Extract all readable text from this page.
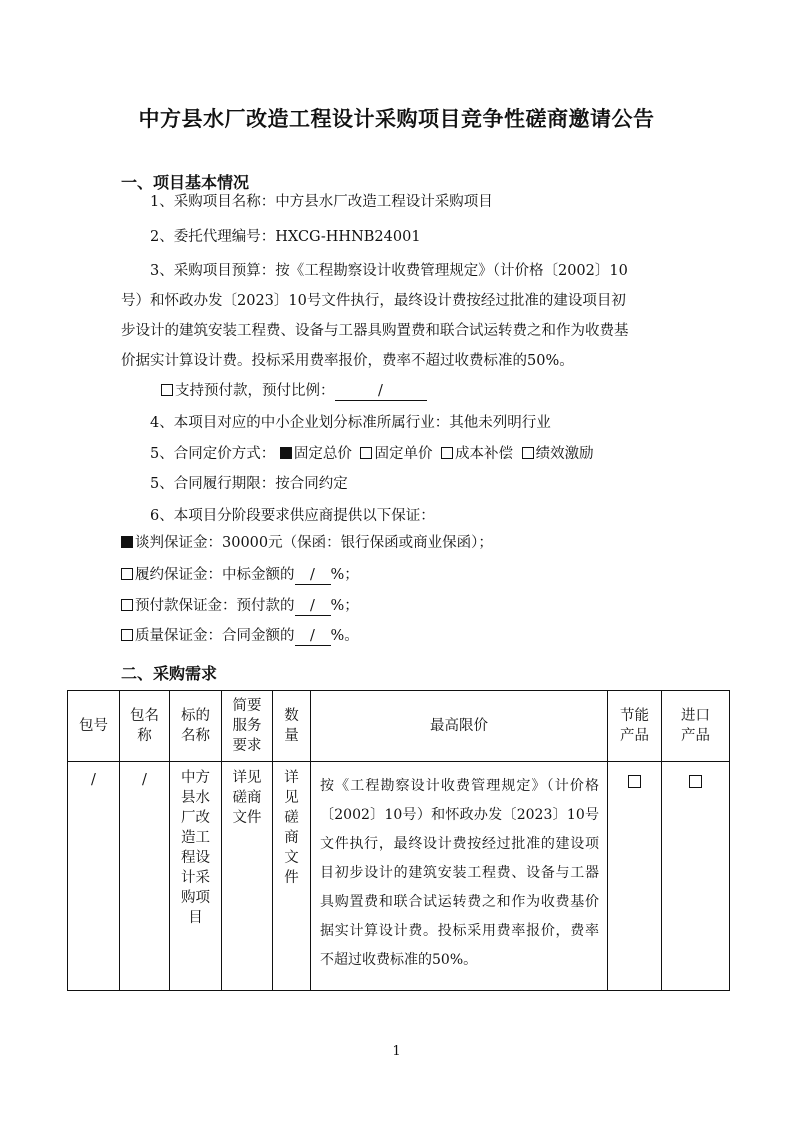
中方县水厂改造工程设计采购项目竞争性磋商邀请公告
一、项目基本情况

1、采购项目名称：中方县水厂改造工程设计采购项目

2、委托代理编号：HXCG-HHNB24001

3、采购项目预算：按《工程勘察设计收费管理规定》（计价格〔2002〕10

号）和怀政办发〔2023〕10号文件执行，最终设计费按经过批准的建设项目初

步设计的建筑安装工程费、设备与工器具购置费和联合试运转费之和作为收费基

价据实计算设计费。投标采用费率报价，费率不超过收费标准的50%。

支持预付款，预付比例：	/

4、本项目对应的中小企业划分标准所属行业：其他未列明行业

5、合同定价方式： 固定总价 固定单价 成本补偿 绩效激励

5、合同履行期限：按合同约定

6、本项目分阶段要求供应商提供以下保证：

谈判保证金：30000元（保函：银行保函或商业保函）；

履约保证金：中标金额的 / %；

预付款保证金：预付款的 / %；

质量保证金：合同金额的 / %。

二、采购需求
包号	包名称	标的名称	简要服务要求	数量	最高限价	节能产品	进口产品

/	/	中方县水厂改造工程设计采购项目	详见磋商文件	详见磋商文件	按《工程勘察设计收费管理规定》（计价格〔2002〕10号）和怀政办发〔2023〕10号文件执行，最终设计费按经过批准的建设项目初步设计的建筑安装工程费、设备与工器具购置费和联合试运转费之和作为收费基价据实计算设计费。投标采用费率报价，费率不超过收费标准的50%。		

1
